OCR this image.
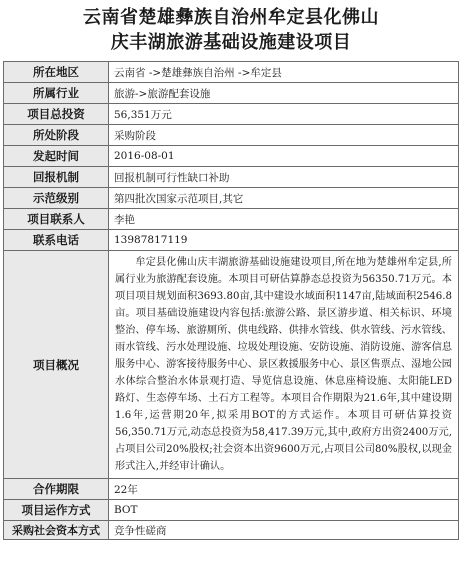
云南省楚雄彝族自治州牟定县化佛山
庆丰湖旅游基础设施建设项目
所在地区	云南省 ->楚雄彝族自治州 ->牟定县
所属行业	旅游->旅游配套设施
项目总投资	56,351万元
所处阶段	采购阶段
发起时间	2016-08-01
回报机制	回报机制可行性缺口补助
示范级别	第四批次国家示范项目,其它
项目联系人	李艳
联系电话	13987817119
项目概况	牟定县化佛山庆丰湖旅游基础设施建设项目,所在地为楚雄州牟定县,所属行业为旅游配套设施。本项目可研估算静态总投资为56350.71万元。本项目项目规划面积3693.80亩,其中建设水域面积1147亩,陆域面积2546.8亩。项目基础设施建设内容包括:旅游公路、景区游步道、相关标识、环境整治、停车场、旅游厕所、供电线路、供排水管线、供水管线、污水管线、雨水管线、污水处理设施、垃圾处理设施、安防设施、消防设施、游客信息服务中心、游客接待服务中心、景区救援服务中心、景区售票点、湿地公园水体综合整治水体景观打造、导览信息设施、休息座椅设施、太阳能LED路灯、生态停车场、土石方工程等。本项目合作期限为21.6年,其中建设期1.6年,运营期20年,拟采用BOT的方式运作。本项目可研估算投资56,350.71万元,动态总投资为58,417.39万元,其中,政府方出资2400万元,占项目公司20%股权;社会资本出资9600万元,占项目公司80%股权,以现金形式注入,并经审计确认。
合作期限	22年
项目运作方式	BOT
采购社会资本方式	竞争性磋商
